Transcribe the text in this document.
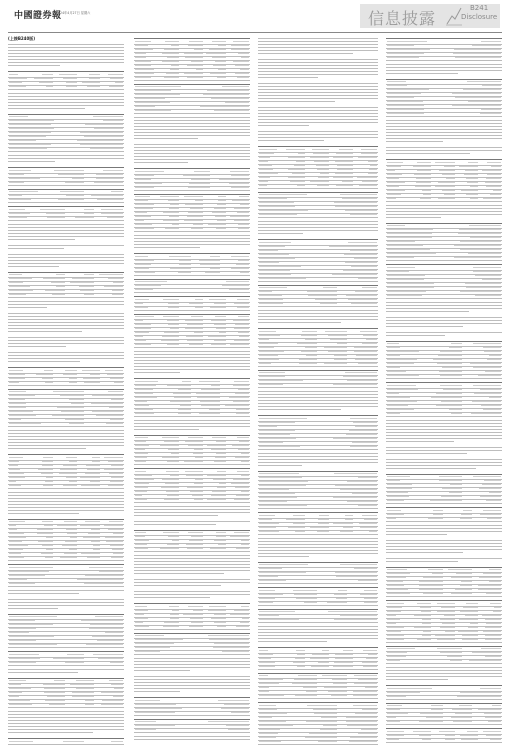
中國證券報
2024年4月27日 星期六	信息披露
B241
Disclosure
(上接B240版)
